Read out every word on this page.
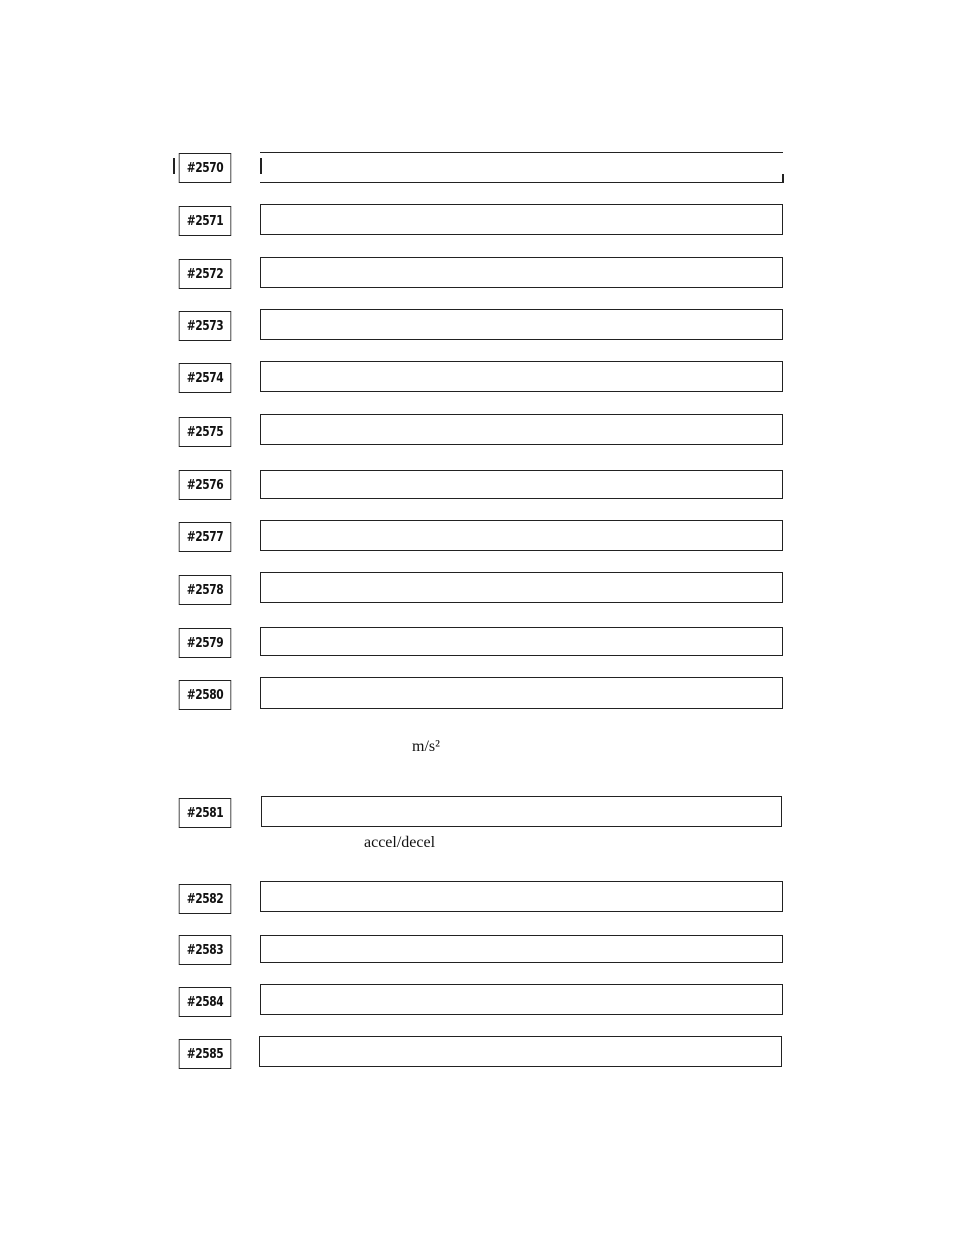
#2570
#2571
#2572
#2573
#2574
#2575
#2576
#2577
#2578
#2579
#2580
m/s²
#2581
accel/decel
#2582
#2583
#2584
#2585
